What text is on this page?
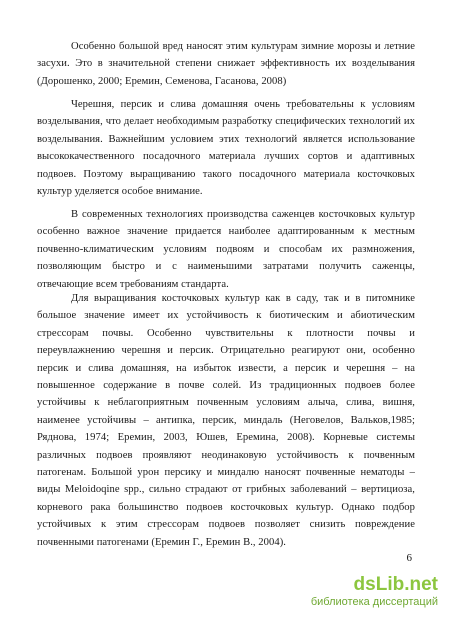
Особенно большой вред наносят этим культурам зимние морозы и летние засухи. Это в значительной степени снижает эффективность их возделывания (Дорошенко, 2000; Еремин, Семенова, Гасанова, 2008)

Черешня, персик и слива домашняя очень требовательны к условиям возделывания, что делает необходимым разработку специфических технологий их возделывания. Важнейшим условием этих технологий является использование высококачественного посадочного материала лучших сортов и адаптивных подвоев. Поэтому выращиванию такого посадочного материала косточковых культур уделяется особое внимание.

В современных технологиях производства саженцев косточковых культур особенно важное значение придается наиболее адаптированным к местным почвенно-климатическим условиям подвоям и способам их размножения, позволяющим быстро и с наименьшими затратами получить саженцы, отвечающие всем требованиям стандарта.

Для выращивания косточковых культур как в саду, так и в питомнике большое значение имеет их устойчивость к биотическим и абиотическим стрессорам почвы. Особенно чувствительны к плотности почвы и переувлажнению черешня и персик. Отрицательно реагируют они, особенно персик и слива домашняя, на избыток извести, а персик и черешня – на повышенное содержание в почве солей. Из традиционных подвоев более устойчивы к неблагоприятным почвенным условиям алыча, слива, вишня, наименее устойчивы – антипка, персик, миндаль (Неговелов, Вальков,1985; Ряднова, 1974; Еремин, 2003, Юшев, Еремина, 2008). Корневые системы различных подвоев проявляют неодинаковую устойчивость к почвенным патогенам. Большой урон персику и миндалю наносят почвенные нематоды – виды Meloidoqine spp., сильно страдают от грибных заболеваний – вертициоза, корневого рака большинство подвоев косточковых культур. Однако подбор устойчивых к этим стрессорам подвоев позволяет снизить повреждение почвенными патогенами (Еремин Г., Еремин В., 2004).

6
dsLib.net
библиотека диссертаций
